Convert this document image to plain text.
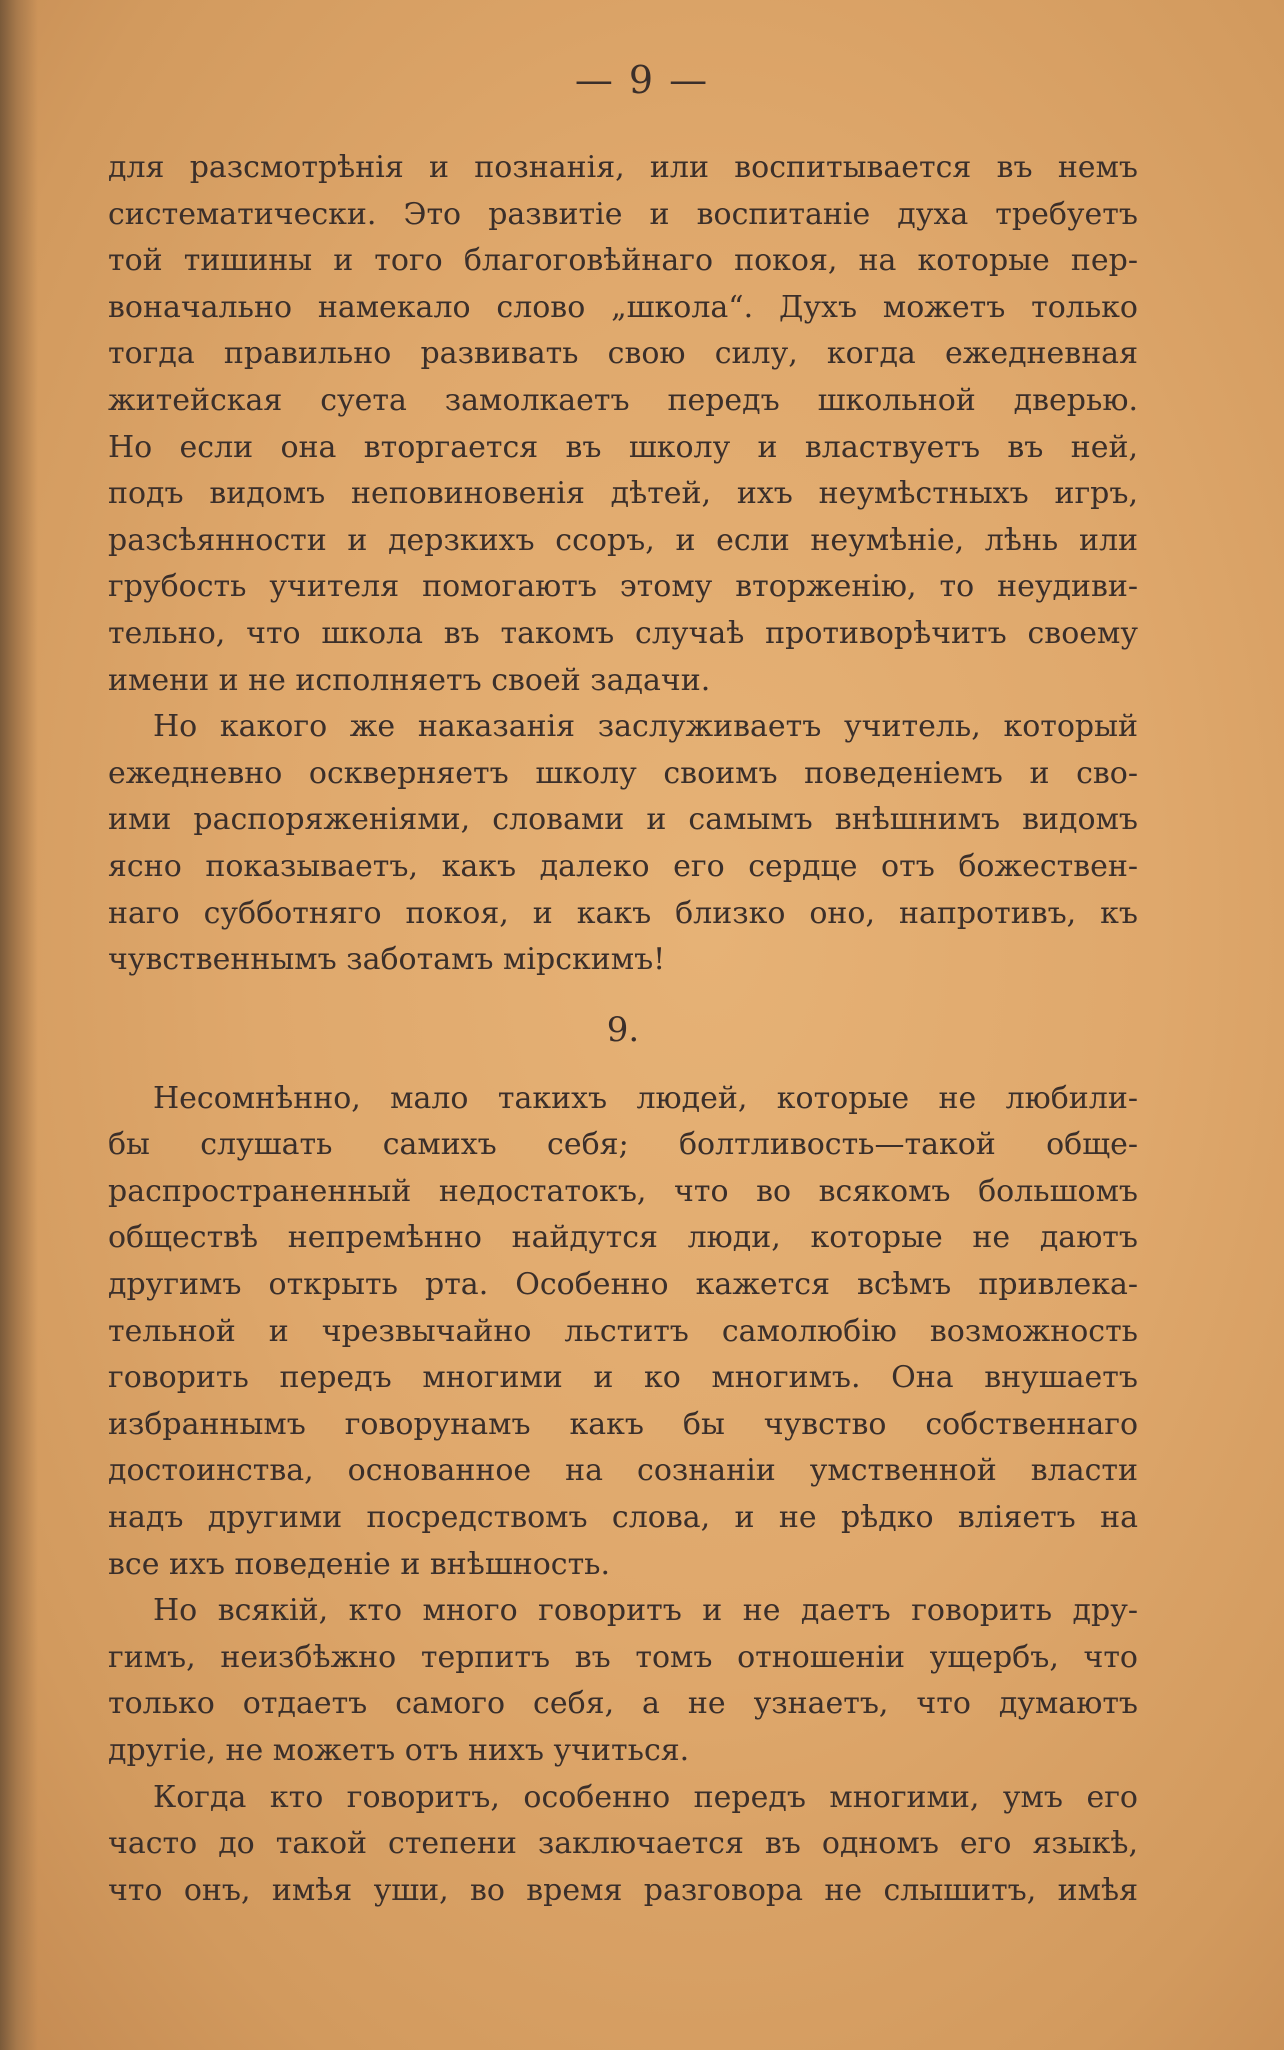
— 9 —
для разсмотрѣнія и познанія, или воспитывается въ немъ
систематически. Это развитіе и воспитаніе духа требуетъ
той тишины и того благоговѣйнаго покоя, на которые пер-
воначально намекало слово „школа“. Духъ можетъ только
тогда правильно развивать свою силу, когда ежедневная
житейская суета замолкаетъ передъ школьной дверью.
Но если она вторгается въ школу и властвуетъ въ ней,
подъ видомъ неповиновенія дѣтей, ихъ неумѣстныхъ игръ,
разсѣянности и дерзкихъ ссоръ, и если неумѣніе, лѣнь или
грубость учителя помогаютъ этому вторженію, то неудиви-
тельно, что школа въ такомъ случаѣ противорѣчитъ своему
имени и не исполняетъ своей задачи.
Но какого же наказанія заслуживаетъ учитель, который
ежедневно оскверняетъ школу своимъ поведеніемъ и сво-
ими распоряженіями, словами и самымъ внѣшнимъ видомъ
ясно показываетъ, какъ далеко его сердце отъ божествен-
наго субботняго покоя, и какъ близко оно, напротивъ, къ
чувственнымъ заботамъ мірскимъ!
9.
Несомнѣнно, мало такихъ людей, которые не любили-
бы слушать самихъ себя; болтливость—такой обще-
распространенный недостатокъ, что во всякомъ большомъ
обществѣ непремѣнно найдутся люди, которые не даютъ
другимъ открыть рта. Особенно кажется всѣмъ привлека-
тельной и чрезвычайно льститъ самолюбію возможность
говорить передъ многими и ко многимъ. Она внушаетъ
избраннымъ говорунамъ какъ бы чувство собственнаго
достоинства, основанное на сознаніи умственной власти
надъ другими посредствомъ слова, и не рѣдко вліяетъ на
все ихъ поведеніе и внѣшность.
Но всякій, кто много говоритъ и не даетъ говорить дру-
гимъ, неизбѣжно терпитъ въ томъ отношеніи ущербъ, что
только отдаетъ самого себя, а не узнаетъ, что думаютъ
другіе, не можетъ отъ нихъ учиться.
Когда кто говоритъ, особенно передъ многими, умъ его
часто до такой степени заключается въ одномъ его языкѣ,
что онъ, имѣя уши, во время разговора не слышитъ, имѣя
